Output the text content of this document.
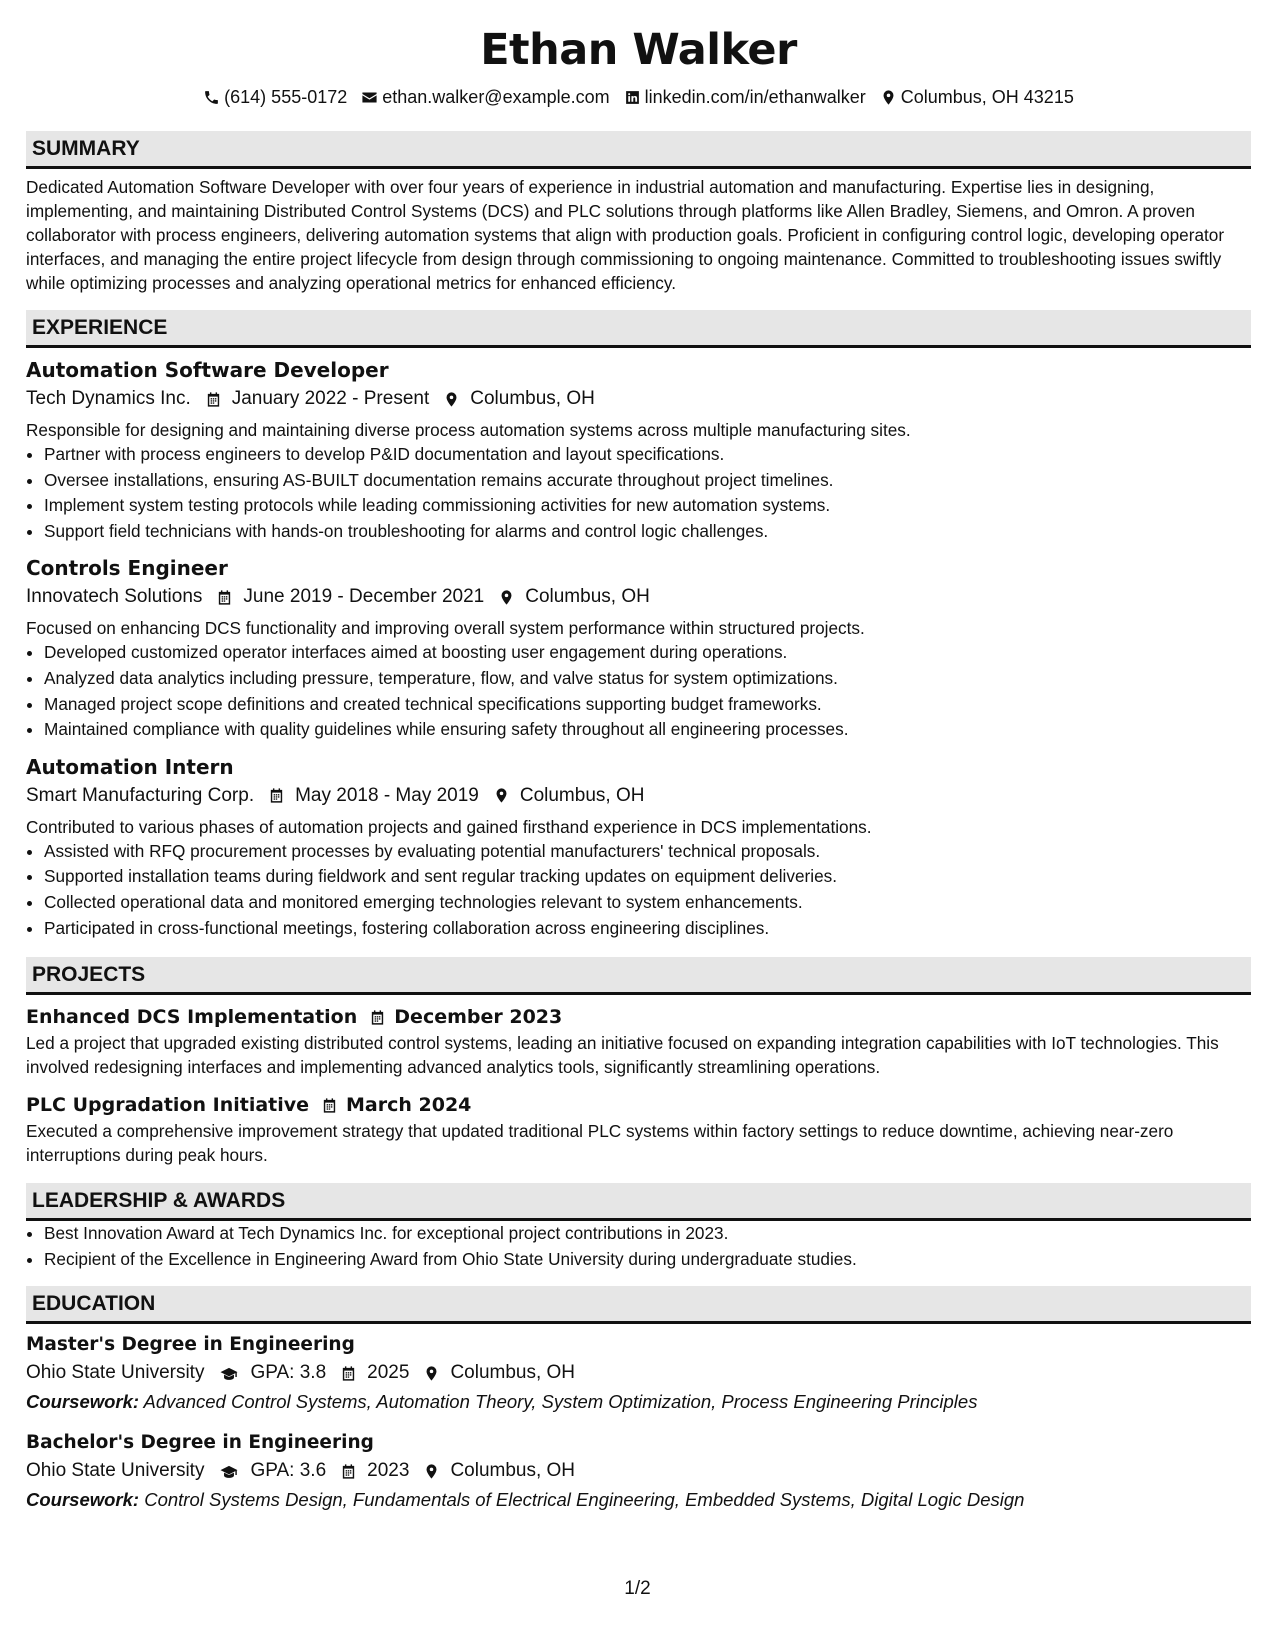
Ethan Walker
(614) 555-0172 ethan.walker@example.com linkedin.com/in/ethanwalker Columbus, OH 43215
SUMMARY

Dedicated Automation Software Developer with over four years of experience in industrial automation and manufacturing. Expertise lies in designing, implementing, and maintaining Distributed Control Systems (DCS) and PLC solutions through platforms like Allen Bradley, Siemens, and Omron. A proven collaborator with process engineers, delivering automation systems that align with production goals. Proficient in configuring control logic, developing operator interfaces, and managing the entire project lifecycle from design through commissioning to ongoing maintenance. Committed to troubleshooting issues swiftly while optimizing processes and analyzing operational metrics for enhanced efficiency.

EXPERIENCE
Automation Software Developer
Tech Dynamics Inc. January 2022 - Present Columbus, OH
Responsible for designing and maintaining diverse process automation systems across multiple manufacturing sites.
• Partner with process engineers to develop P&ID documentation and layout specifications.
• Oversee installations, ensuring AS-BUILT documentation remains accurate throughout project timelines.
• Implement system testing protocols while leading commissioning activities for new automation systems.
• Support field technicians with hands-on troubleshooting for alarms and control logic challenges.
Controls Engineer
Innovatech Solutions June 2019 - December 2021 Columbus, OH
Focused on enhancing DCS functionality and improving overall system performance within structured projects.
• Developed customized operator interfaces aimed at boosting user engagement during operations.
• Analyzed data analytics including pressure, temperature, flow, and valve status for system optimizations.
• Managed project scope definitions and created technical specifications supporting budget frameworks.
• Maintained compliance with quality guidelines while ensuring safety throughout all engineering processes.
Automation Intern
Smart Manufacturing Corp. May 2018 - May 2019 Columbus, OH
Contributed to various phases of automation projects and gained firsthand experience in DCS implementations.
• Assisted with RFQ procurement processes by evaluating potential manufacturers' technical proposals.
• Supported installation teams during fieldwork and sent regular tracking updates on equipment deliveries.
• Collected operational data and monitored emerging technologies relevant to system enhancements.
• Participated in cross-functional meetings, fostering collaboration across engineering disciplines.
PROJECTS
Enhanced DCS Implementation December 2023
Led a project that upgraded existing distributed control systems, leading an initiative focused on expanding integration capabilities with IoT technologies. This involved redesigning interfaces and implementing advanced analytics tools, significantly streamlining operations.
PLC Upgradation Initiative March 2024
Executed a comprehensive improvement strategy that updated traditional PLC systems within factory settings to reduce downtime, achieving near-zero interruptions during peak hours.
LEADERSHIP & AWARDS
• Best Innovation Award at Tech Dynamics Inc. for exceptional project contributions in 2023.
• Recipient of the Excellence in Engineering Award from Ohio State University during undergraduate studies.
EDUCATION
Master's Degree in Engineering
Ohio State University GPA: 3.8 2025 Columbus, OH
Coursework: Advanced Control Systems, Automation Theory, System Optimization, Process Engineering Principles
Bachelor's Degree in Engineering
Ohio State University GPA: 3.6 2023 Columbus, OH
Coursework: Control Systems Design, Fundamentals of Electrical Engineering, Embedded Systems, Digital Logic Design
1/2
